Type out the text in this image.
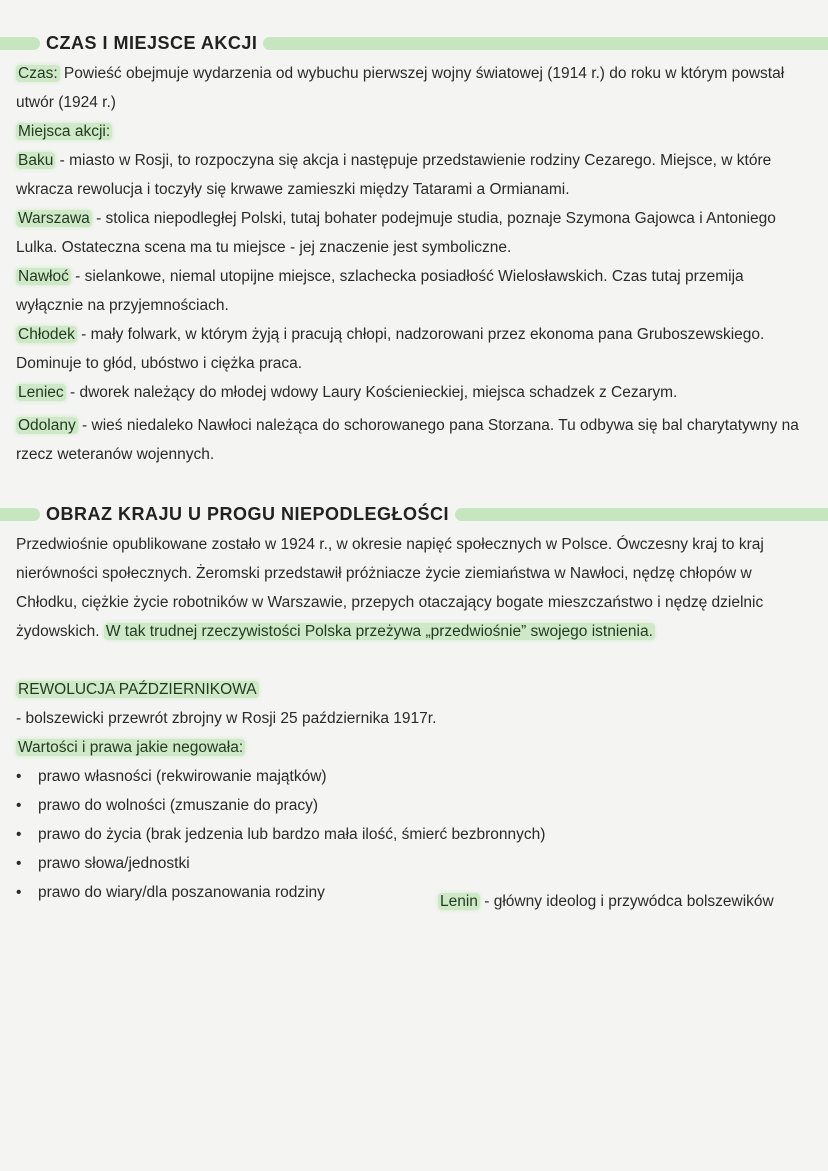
CZAS I MIEJSCE AKCJI

Czas: Powieść obejmuje wydarzenia od wybuchu pierwszej wojny światowej (1914 r.) do roku w którym powstał utwór (1924 r.)

Miejsca akcji:

Baku - miasto w Rosji, to rozpoczyna się akcja i następuje przedstawienie rodziny Cezarego. Miejsce, w które wkracza rewolucja i toczyły się krwawe zamieszki między Tatarami a Ormianami.

Warszawa - stolica niepodległej Polski, tutaj bohater podejmuje studia, poznaje Szymona Gajowca i Antoniego Lulka. Ostateczna scena ma tu miejsce - jej znaczenie jest symboliczne.

Nawłoć - sielankowe, niemal utopijne miejsce, szlachecka posiadłość Wielosławskich. Czas tutaj przemija wyłącznie na przyjemnościach.

Chłodek - mały folwark, w którym żyją i pracują chłopi, nadzorowani przez ekonoma pana Gruboszewskiego. Dominuje to głód, ubóstwo i ciężka praca.

Leniec - dworek należący do młodej wdowy Laury Kościenieckiej, miejsca schadzek z Cezarym.

Odolany - wieś niedaleko Nawłoci należąca do schorowanego pana Storzana. Tu odbywa się bal charytatywny na rzecz weteranów wojennych.

OBRAZ KRAJU U PROGU NIEPODLEGŁOŚCI

Przedwiośnie opublikowane zostało w 1924 r., w okresie napięć społecznych w Polsce. Ówczesny kraj to kraj nierówności społecznych. Żeromski przedstawił próżniacze życie ziemiaństwa w Nawłoci, nędzę chłopów w Chłodku, ciężkie życie robotników w Warszawie, przepych otaczający bogate mieszczaństwo i nędzę dzielnic żydowskich. W tak trudnej rzeczywistości Polska przeżywa „przedwiośnie” swojego istnienia.

REWOLUCJA PAŹDZIERNIKOWA

- bolszewicki przewrót zbrojny w Rosji 25 października 1917r.

Wartości i prawa jakie negowała:

• prawo własności (rekwirowanie majątków)
• prawo do wolności (zmuszanie do pracy)
• prawo do życia (brak jedzenia lub bardzo mała ilość, śmierć bezbronnych)
• prawo słowa/jednostki
• prawo do wiary/dla poszanowania rodziny
Lenin - główny ideolog i przywódca bolszewików
